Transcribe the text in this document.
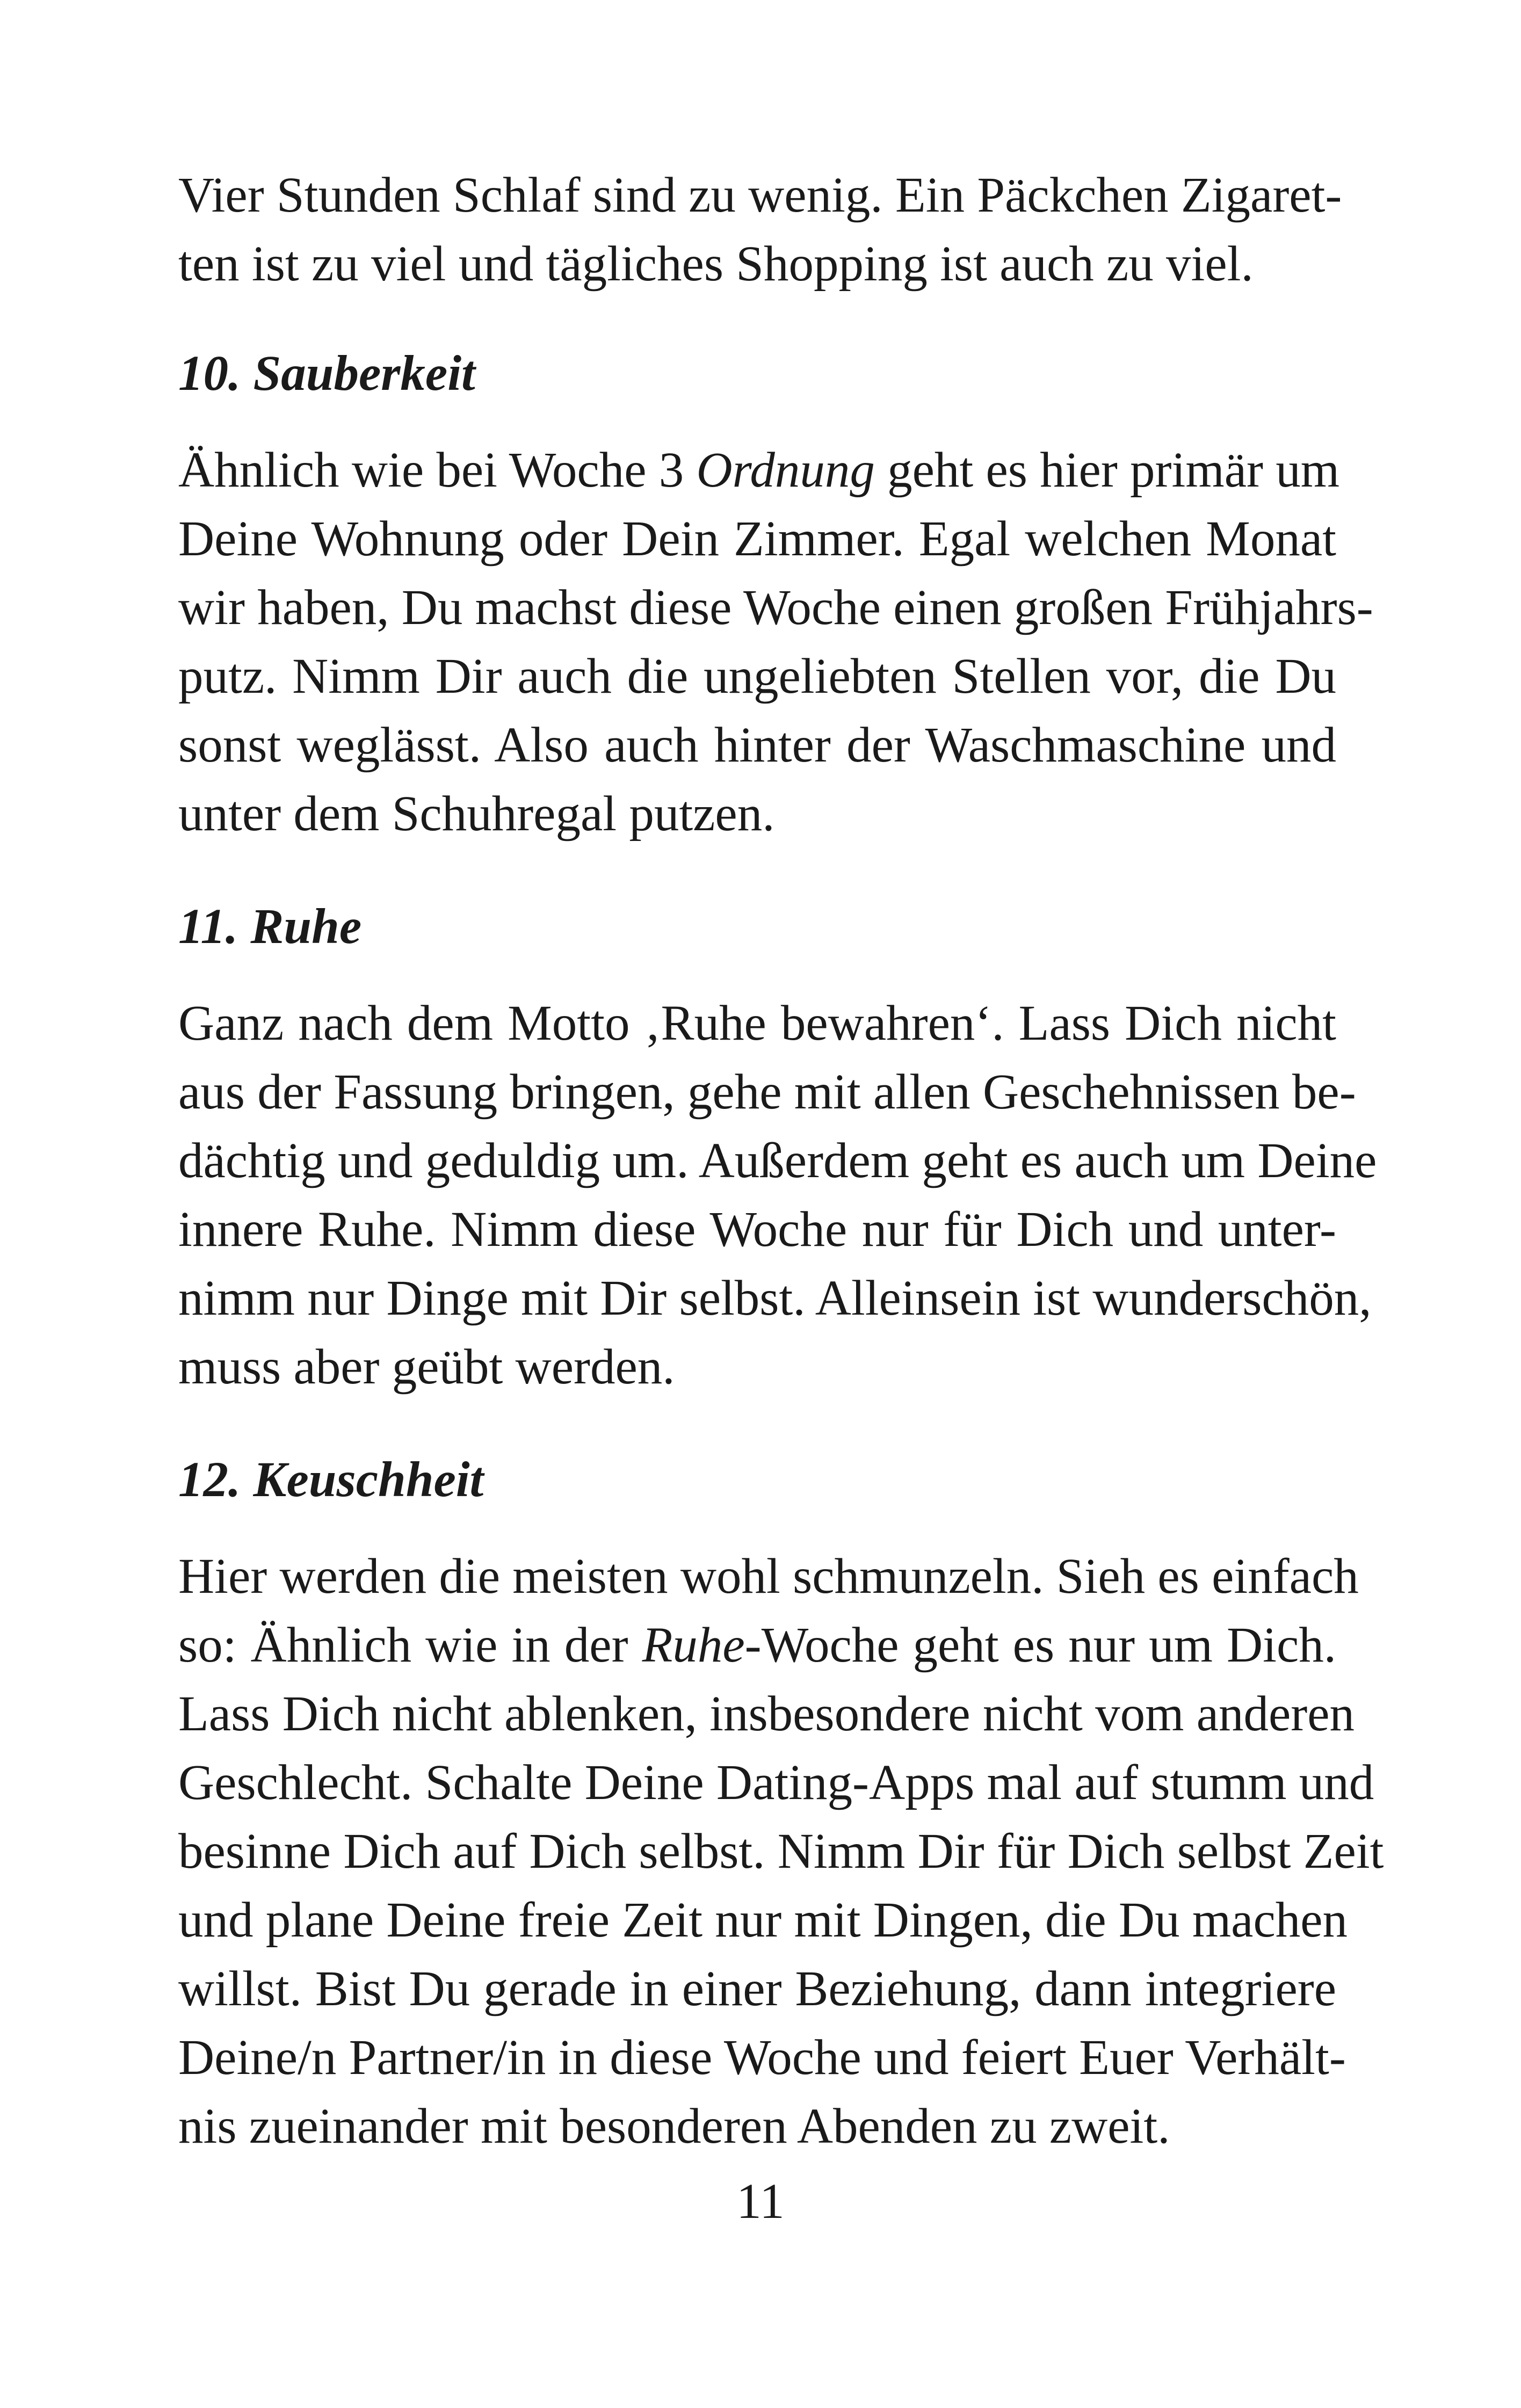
Vier Stunden Schlaf sind zu wenig. Ein Päckchen Zigaret-
ten ist zu viel und tägliches Shopping ist auch zu viel.
10. Sauberkeit
Ähnlich wie bei Woche 3 Ordnung geht es hier primär um
Deine Wohnung oder Dein Zimmer. Egal welchen Monat
wir haben, Du machst diese Woche einen großen Frühjahrs-
putz. Nimm Dir auch die ungeliebten Stellen vor, die Du
sonst weglässt. Also auch hinter der Waschmaschine und
unter dem Schuhregal putzen.
11. Ruhe
Ganz nach dem Motto ‚Ruhe bewahren‘. Lass Dich nicht
aus der Fassung bringen, gehe mit allen Geschehnissen be-
dächtig und geduldig um. Außerdem geht es auch um Deine
innere Ruhe. Nimm diese Woche nur für Dich und unter-
nimm nur Dinge mit Dir selbst. Alleinsein ist wunderschön,
muss aber geübt werden.
12. Keuschheit
Hier werden die meisten wohl schmunzeln. Sieh es einfach
so: Ähnlich wie in der Ruhe-Woche geht es nur um Dich.
Lass Dich nicht ablenken, insbesondere nicht vom anderen
Geschlecht. Schalte Deine Dating-Apps mal auf stumm und
besinne Dich auf Dich selbst. Nimm Dir für Dich selbst Zeit
und plane Deine freie Zeit nur mit Dingen, die Du machen
willst. Bist Du gerade in einer Beziehung, dann integriere
Deine/n Partner/in in diese Woche und feiert Euer Verhält-
nis zueinander mit besonderen Abenden zu zweit.
11
